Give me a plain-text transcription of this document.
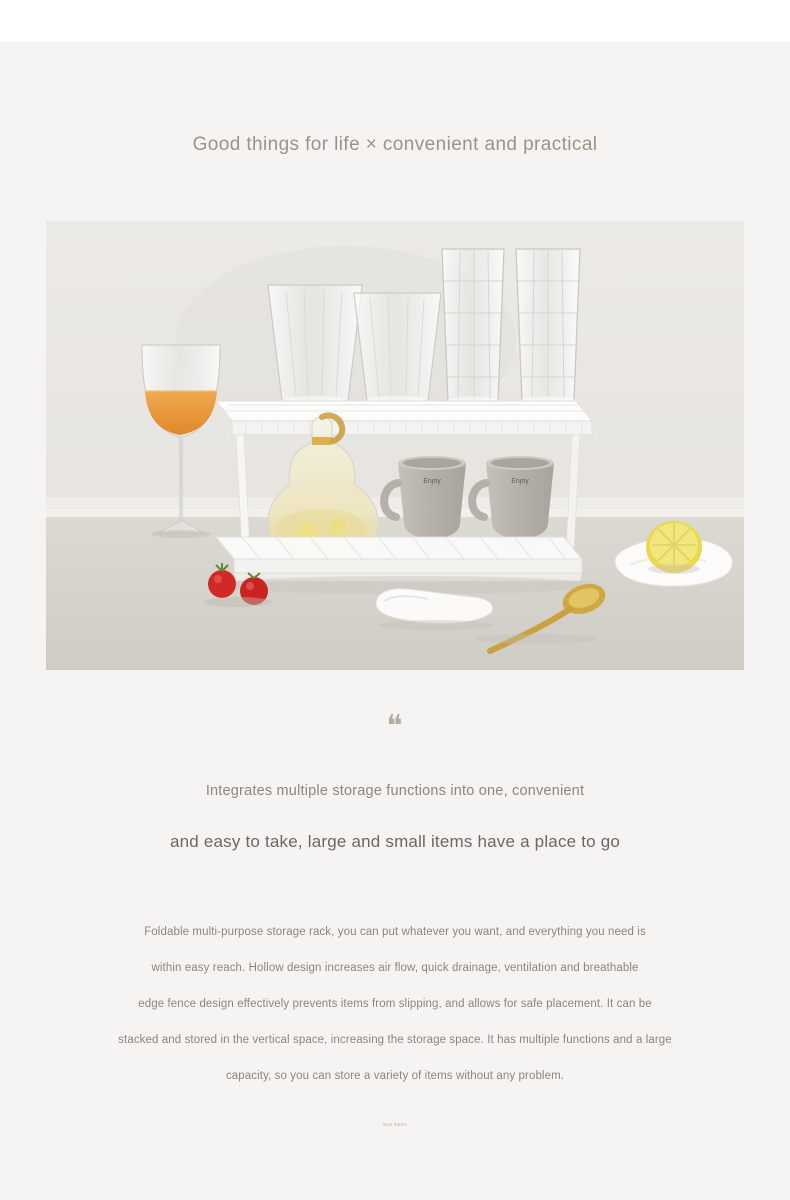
Good things for life × convenient and practical
Enjoy	Enjoy
❝
Integrates multiple storage functions into one, convenient
and easy to take, large and small items have a place to go
Foldable multi-purpose storage rack, you can put whatever you want, and everything you need is
within easy reach. Hollow design increases air flow, quick drainage, ventilation and breathable
edge fence design effectively prevents items from slipping, and allows for safe placement. It can be
stacked and stored in the vertical space, increasing the storage space. It has multiple functions and a large
capacity, so you can store a variety of items without any problem.
Size 34mm
